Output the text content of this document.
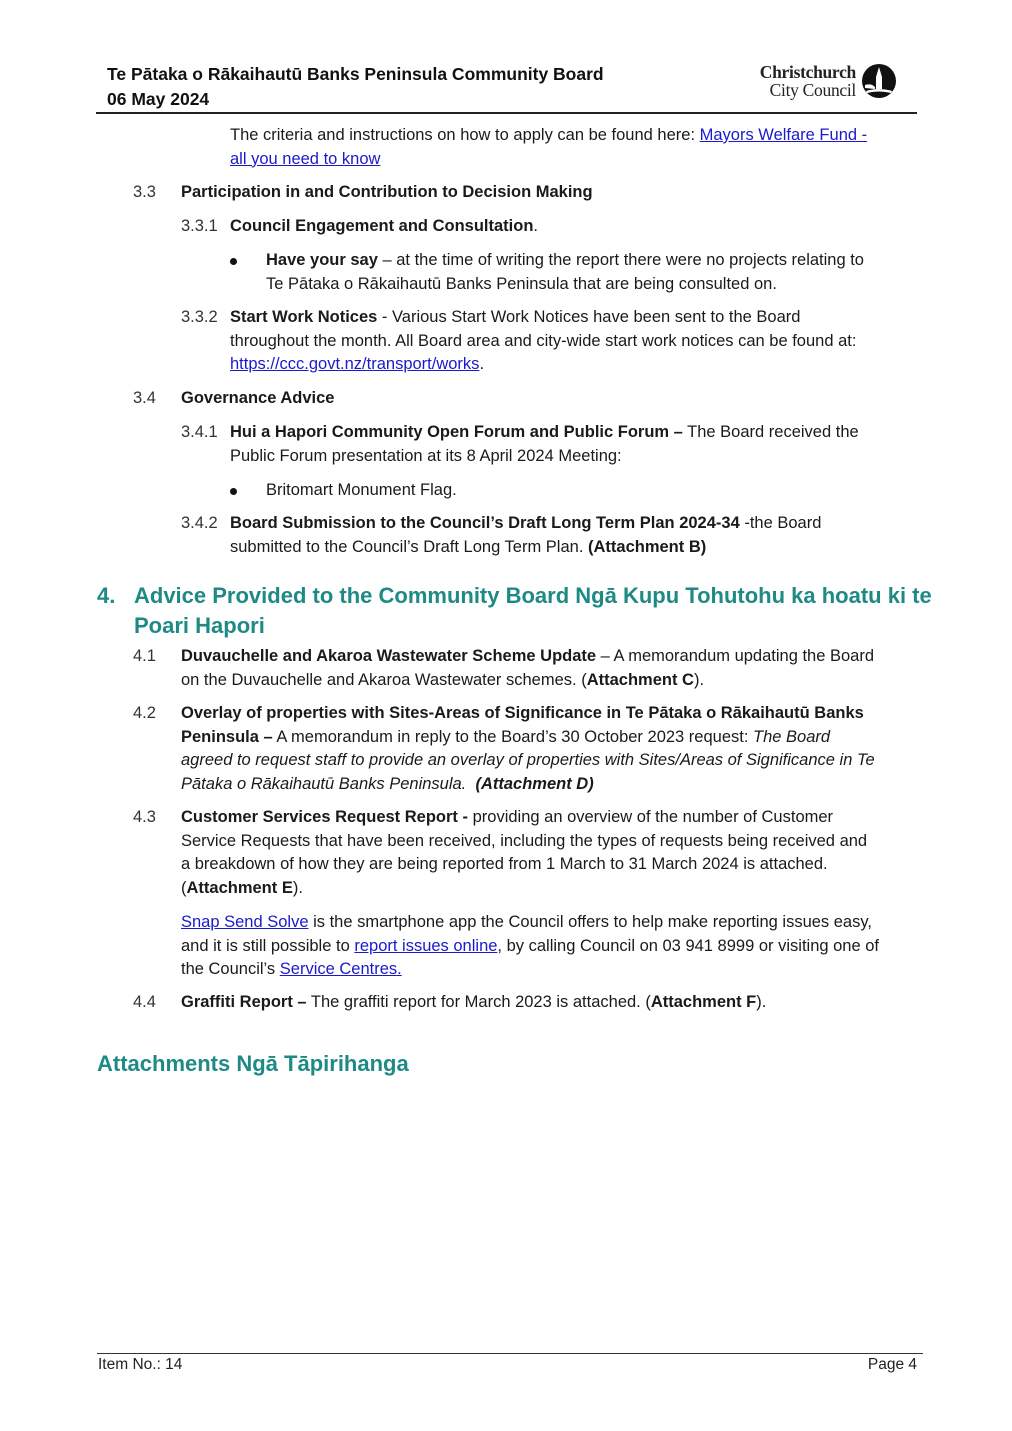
Te Pātaka o Rākaihautū Banks Peninsula Community Board
06 May 2024
Christchurch
City Council
The criteria and instructions on how to apply can be found here: Mayors Welfare Fund -
all you need to know
3.3 Participation in and Contribution to Decision Making
3.3.1 Council Engagement and Consultation.
Have your say – at the time of writing the report there were no projects relating to
Te Pātaka o Rākaihautū Banks Peninsula that are being consulted on.
3.3.2 Start Work Notices - Various Start Work Notices have been sent to the Board
throughout the month. All Board area and city-wide start work notices can be found at:
https://ccc.govt.nz/transport/works.
3.4 Governance Advice
3.4.1 Hui a Hapori Community Open Forum and Public Forum – The Board received the
Public Forum presentation at its 8 April 2024 Meeting:
Britomart Monument Flag.
3.4.2 Board Submission to the Council’s Draft Long Term Plan 2024-34 -the Board
submitted to the Council’s Draft Long Term Plan. (Attachment B)
4. Advice Provided to the Community Board Ngā Kupu Tohutohu ka hoatu ki te
Poari Hapori
4.1 Duvauchelle and Akaroa Wastewater Scheme Update – A memorandum updating the Board
on the Duvauchelle and Akaroa Wastewater schemes. (Attachment C).
4.2 Overlay of properties with Sites-Areas of Significance in Te Pātaka o Rākaihautū Banks
Peninsula – A memorandum in reply to the Board’s 30 October 2023 request: The Board
agreed to request staff to provide an overlay of properties with Sites/Areas of Significance in Te
Pātaka o Rākaihautū Banks Peninsula. (Attachment D)
4.3 Customer Services Request Report - providing an overview of the number of Customer
Service Requests that have been received, including the types of requests being received and
a breakdown of how they are being reported from 1 March to 31 March 2024 is attached.
(Attachment E).
Snap Send Solve is the smartphone app the Council offers to help make reporting issues easy,
and it is still possible to report issues online, by calling Council on 03 941 8999 or visiting one of
the Council’s Service Centres.
4.4 Graffiti Report – The graffiti report for March 2023 is attached. (Attachment F).
Attachments Ngā Tāpirihanga
Item No.: 14	Page 4
